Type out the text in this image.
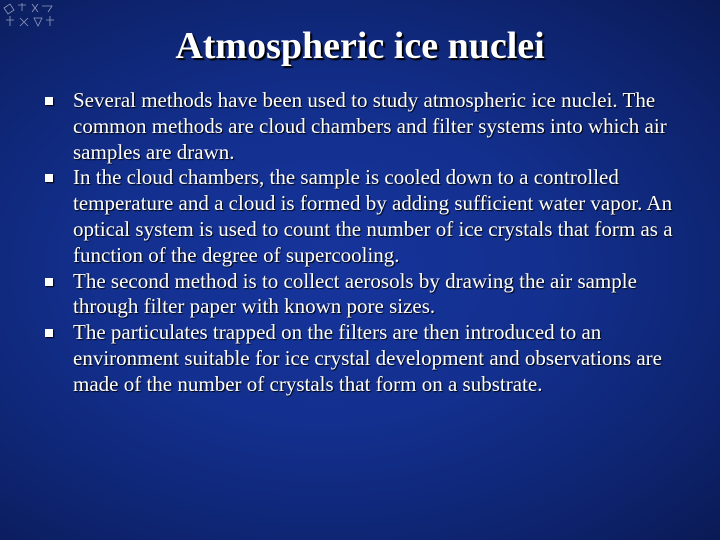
Atmospheric ice nuclei
Several methods have been used to study atmospheric ice nuclei. The common methods are cloud chambers and filter systems into which air samples are drawn.
In the cloud chambers, the sample is cooled down to a controlled temperature and a cloud is formed by adding sufficient water vapor. An optical system is used to count the number of ice crystals that form as a function of the degree of supercooling.
The second method is to collect aerosols by drawing the air sample through filter paper with known pore sizes.
The particulates trapped on the filters are then introduced to an environment suitable for ice crystal development and observations are made of the number of crystals that form on a substrate.
